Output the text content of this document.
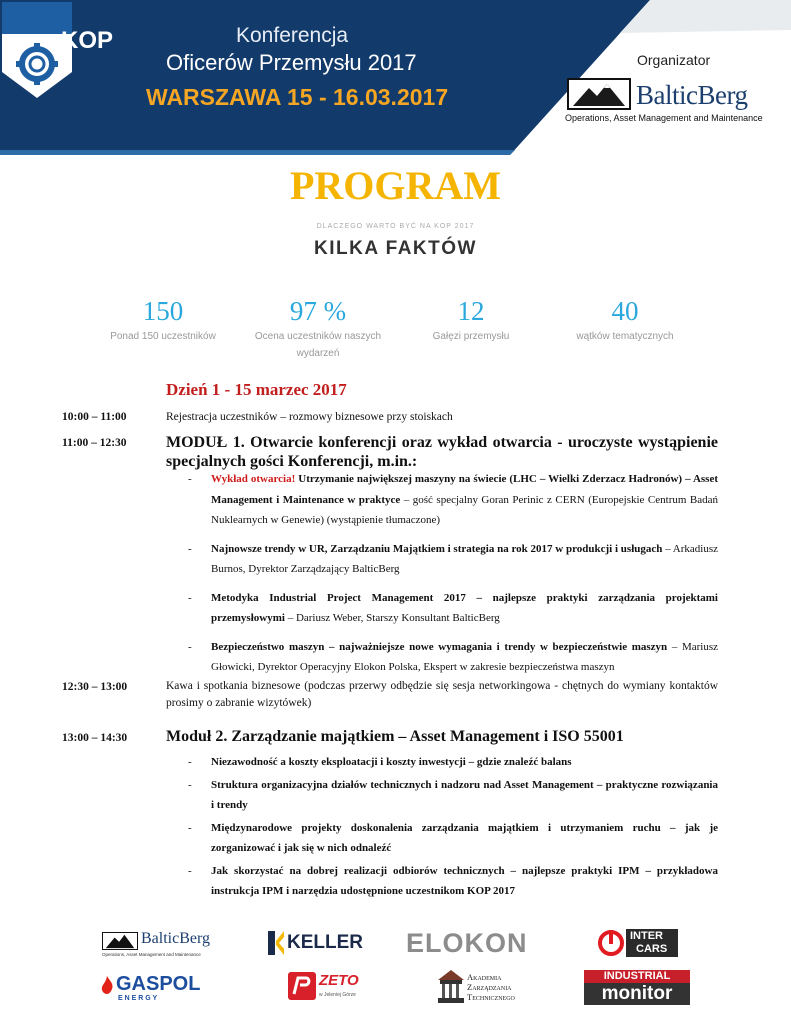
KOP	Konferencja
Oficerów Przemysłu 2017
WARSZAWA 15 - 16.03.2017
Organizator
BalticBerg
Operations, Asset Management and Maintenance
PROGRAM
DLACZEGO WARTO BYĆ NA KOP 2017
KILKA FAKTÓW
150
Ponad 150 uczestników
97 %
Ocena uczestników naszych wydarzeń
12
Gałęzi przemysłu
40
wątków tematycznych
Dzień 1 - 15 marzec 2017
10:00 – 11:00	Rejestracja uczestników – rozmowy biznesowe przy stoiskach
11:00 – 12:30 MODUŁ 1. Otwarcie konferencji oraz wykład otwarcia - uroczyste wystąpienie specjalnych gości Konferencji, m.in.:
- Wykład otwarcia! Utrzymanie największej maszyny na świecie (LHC – Wielki Zderzacz Hadronów) – Asset Management i Maintenance w praktyce – gość specjalny Goran Perinic z CERN (Europejskie Centrum Badań Nuklearnych w Genewie) (wystąpienie tłumaczone)
- Najnowsze trendy w UR, Zarządzaniu Majątkiem i strategia na rok 2017 w produkcji i usługach – Arkadiusz Burnos, Dyrektor Zarządzający BalticBerg
- Metodyka Industrial Project Management 2017 – najlepsze praktyki zarządzania projektami przemysłowymi – Dariusz Weber, Starszy Konsultant BalticBerg
- Bezpieczeństwo maszyn – najważniejsze nowe wymagania i trendy w bezpieczeństwie maszyn – Mariusz Głowicki, Dyrektor Operacyjny Elokon Polska, Ekspert w zakresie bezpieczeństwa maszyn
12:30 – 13:00	Kawa i spotkania biznesowe (podczas przerwy odbędzie się sesja networkingowa - chętnych do wymiany kontaktów prosimy o zabranie wizytówek)
13:00 – 14:30 Moduł 2. Zarządzanie majątkiem – Asset Management i ISO 55001
- Niezawodność a koszty eksploatacji i koszty inwestycji – gdzie znaleźć balans
- Struktura organizacyjna działów technicznych i nadzoru nad Asset Management – praktyczne rozwiązania i trendy
- Międzynarodowe projekty doskonalenia zarządzania majątkiem i utrzymaniem ruchu – jak je zorganizować i jak się w nich odnaleźć
- Jak skorzystać na dobrej realizacji odbiorów technicznych – najlepsze praktyki IPM – przykładowa instrukcja IPM i narzędzia udostępnione uczestnikom KOP 2017
BalticBerg
Operations, Asset Management and Maintenance
KELLER ELOKON	INTER
CARS
GASPOL
E N E R G Y
ZETO
w Jeleniej Górze
Akademia
Zarządzania
Technicznego
INDUSTRIAL
monitor
